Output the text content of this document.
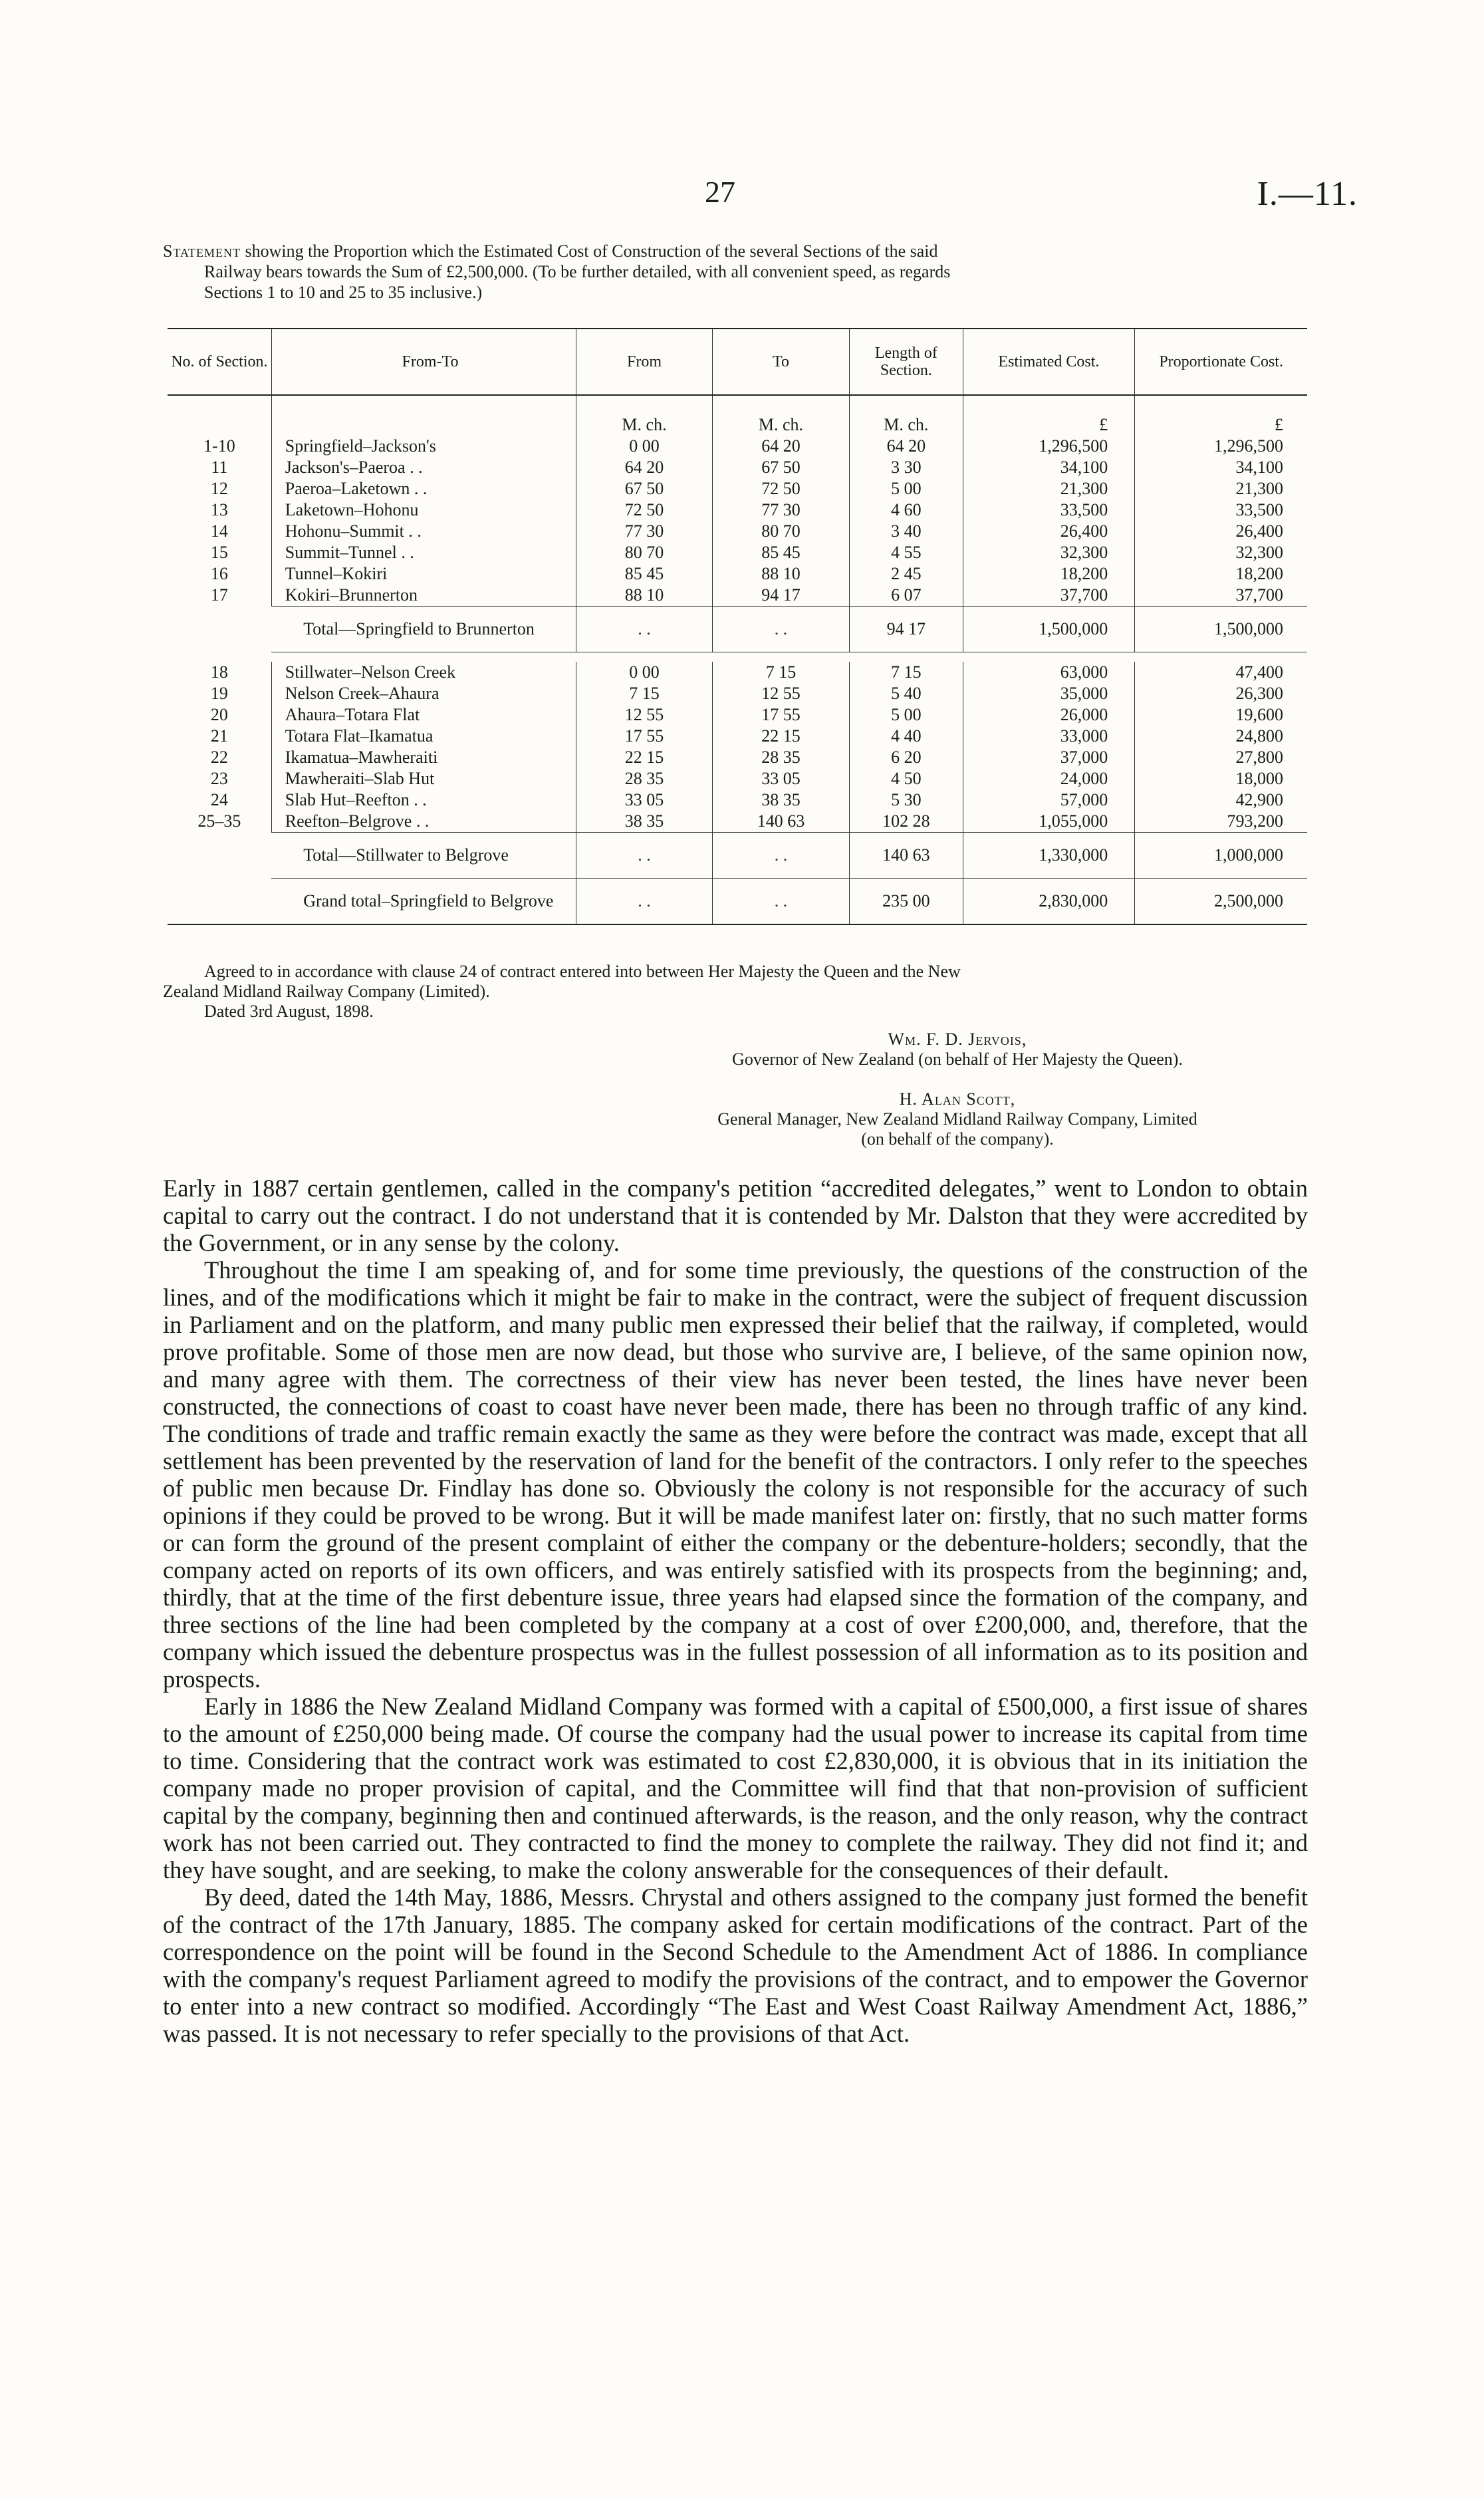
27	I.—11.
Statement showing the Proportion which the Estimated Cost of Construction of the several Sections of the said
Railway bears towards the Sum of £2,500,000. (To be further detailed, with all convenient speed, as regards
Sections 1 to 10 and 25 to 35 inclusive.)
No. of Section.	From-To	From	To	Length of Section.	Estimated Cost.	Proportionate Cost.
		M. ch.	M. ch.	M. ch.	£	£
1-10	Springfield–Jackson's	0 00	64 20	64 20	1,296,500	1,296,500
11	Jackson's–Paeroa . .	64 20	67 50	3 30	34,100	34,100
12	Paeroa–Laketown . .	67 50	72 50	5 00	21,300	21,300
13	Laketown–Hohonu	72 50	77 30	4 60	33,500	33,500
14	Hohonu–Summit . .	77 30	80 70	3 40	26,400	26,400
15	Summit–Tunnel . .	80 70	85 45	4 55	32,300	32,300
16	Tunnel–Kokiri	85 45	88 10	2 45	18,200	18,200
17	Kokiri–Brunnerton	88 10	94 17	6 07	37,700	37,700
	Total—Springfield to Brunnerton	. .	. .	94 17	1,500,000	1,500,000

18	Stillwater–Nelson Creek	0 00	7 15	7 15	63,000	47,400
19	Nelson Creek–Ahaura	7 15	12 55	5 40	35,000	26,300
20	Ahaura–Totara Flat	12 55	17 55	5 00	26,000	19,600
21	Totara Flat–Ikamatua	17 55	22 15	4 40	33,000	24,800
22	Ikamatua–Mawheraiti	22 15	28 35	6 20	37,000	27,800
23	Mawheraiti–Slab Hut	28 35	33 05	4 50	24,000	18,000
24	Slab Hut–Reefton . .	33 05	38 35	5 30	57,000	42,900
25–35	Reefton–Belgrove . .	38 35	140 63	102 28	1,055,000	793,200
	Total—Stillwater to Belgrove	. .	. .	140 63	1,330,000	1,000,000
	Grand total–Springfield to Belgrove	. .	. .	235 00	2,830,000	2,500,000
Agreed to in accordance with clause 24 of contract entered into between Her Majesty the Queen and the New
Zealand Midland Railway Company (Limited).
Dated 3rd August, 1898.
Wm. F. D. Jervois,
Governor of New Zealand (on behalf of Her Majesty the Queen).
H. Alan Scott,
General Manager, New Zealand Midland Railway Company, Limited
(on behalf of the company).

Early in 1887 certain gentlemen, called in the company's petition “accredited delegates,” went to London to obtain capital to carry out the contract. I do not understand that it is contended by Mr. Dalston that they were accredited by the Government, or in any sense by the colony.

Throughout the time I am speaking of, and for some time previously, the questions of the construction of the lines, and of the modifications which it might be fair to make in the contract, were the subject of frequent discussion in Parliament and on the platform, and many public men expressed their belief that the railway, if completed, would prove profitable. Some of those men are now dead, but those who survive are, I believe, of the same opinion now, and many agree with them. The correctness of their view has never been tested, the lines have never been constructed, the connections of coast to coast have never been made, there has been no through traffic of any kind. The conditions of trade and traffic remain exactly the same as they were before the contract was made, except that all settlement has been prevented by the reservation of land for the benefit of the contractors. I only refer to the speeches of public men because Dr. Findlay has done so. Obviously the colony is not responsible for the accuracy of such opinions if they could be proved to be wrong. But it will be made manifest later on: firstly, that no such matter forms or can form the ground of the present complaint of either the company or the debenture-holders; secondly, that the company acted on reports of its own officers, and was entirely satisfied with its prospects from the beginning; and, thirdly, that at the time of the first debenture issue, three years had elapsed since the formation of the company, and three sections of the line had been completed by the company at a cost of over £200,000, and, therefore, that the company which issued the debenture prospectus was in the fullest possession of all information as to its position and prospects.

Early in 1886 the New Zealand Midland Company was formed with a capital of £500,000, a first issue of shares to the amount of £250,000 being made. Of course the company had the usual power to increase its capital from time to time. Considering that the contract work was estimated to cost £2,830,000, it is obvious that in its initiation the company made no proper provision of capital, and the Committee will find that that non-provision of sufficient capital by the company, beginning then and continued afterwards, is the reason, and the only reason, why the contract work has not been carried out. They contracted to find the money to complete the railway. They did not find it; and they have sought, and are seeking, to make the colony answerable for the consequences of their default.

By deed, dated the 14th May, 1886, Messrs. Chrystal and others assigned to the company just formed the benefit of the contract of the 17th January, 1885. The company asked for certain modifications of the contract. Part of the correspondence on the point will be found in the Second Schedule to the Amendment Act of 1886. In compliance with the company's request Parliament agreed to modify the provisions of the contract, and to empower the Governor to enter into a new contract so modified. Accordingly “The East and West Coast Railway Amendment Act, 1886,” was passed. It is not necessary to refer specially to the provisions of that Act.
